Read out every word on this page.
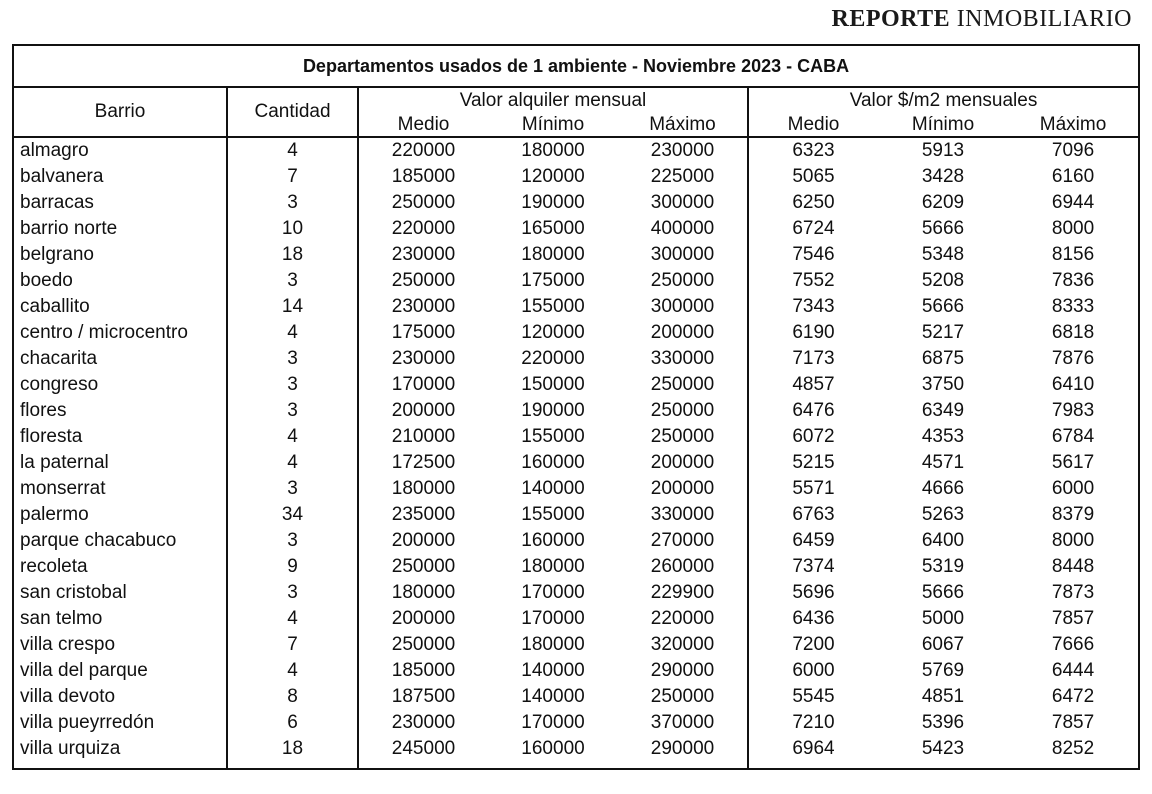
REPORTE INMOBILIARIO
Departamentos usados de 1 ambiente - Noviembre 2023 - CABA							
Barrio	Cantidad	Valor alquiler mensual			Valor $/m2 mensuales		
		Medio	Mínimo	Máximo	Medio	Mínimo	Máximo
almagro	4	220000	180000	230000	6323	5913	7096
balvanera	7	185000	120000	225000	5065	3428	6160
barracas	3	250000	190000	300000	6250	6209	6944
barrio norte	10	220000	165000	400000	6724	5666	8000
belgrano	18	230000	180000	300000	7546	5348	8156
boedo	3	250000	175000	250000	7552	5208	7836
caballito	14	230000	155000	300000	7343	5666	8333
centro / microcentro	4	175000	120000	200000	6190	5217	6818
chacarita	3	230000	220000	330000	7173	6875	7876
congreso	3	170000	150000	250000	4857	3750	6410
flores	3	200000	190000	250000	6476	6349	7983
floresta	4	210000	155000	250000	6072	4353	6784
la paternal	4	172500	160000	200000	5215	4571	5617
monserrat	3	180000	140000	200000	5571	4666	6000
palermo	34	235000	155000	330000	6763	5263	8379
parque chacabuco	3	200000	160000	270000	6459	6400	8000
recoleta	9	250000	180000	260000	7374	5319	8448
san cristobal	3	180000	170000	229900	5696	5666	7873
san telmo	4	200000	170000	220000	6436	5000	7857
villa crespo	7	250000	180000	320000	7200	6067	7666
villa del parque	4	185000	140000	290000	6000	5769	6444
villa devoto	8	187500	140000	250000	5545	4851	6472
villa pueyrredón	6	230000	170000	370000	7210	5396	7857
villa urquiza	18	245000	160000	290000	6964	5423	8252
